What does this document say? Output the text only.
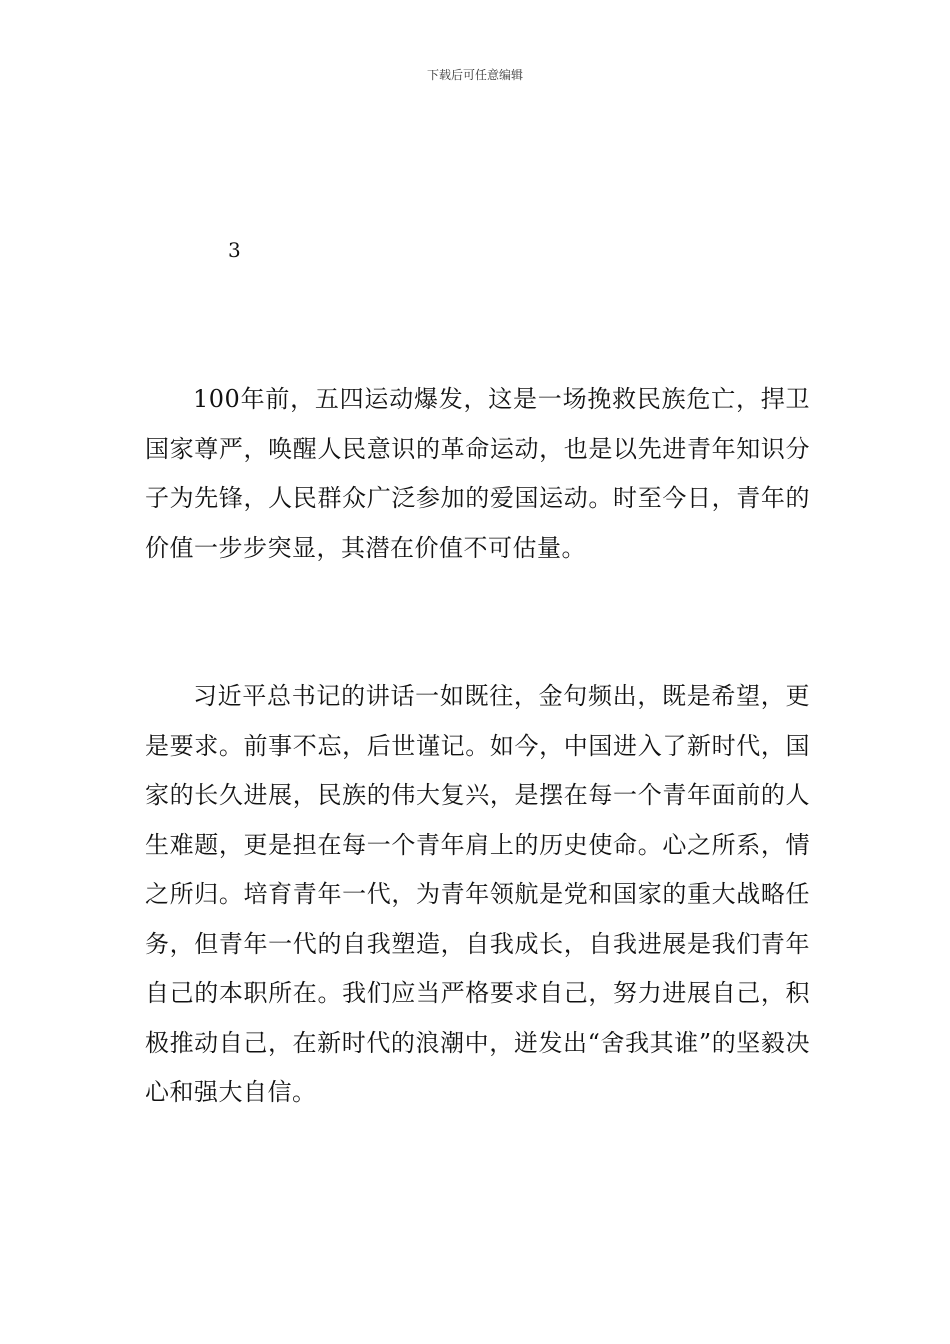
下载后可任意编辑
3

100年前，五四运动爆发，这是一场挽救民族危亡，捍卫国家尊严，唤醒人民意识的革命运动，也是以先进青年知识分子为先锋，人民群众广泛参加的爱国运动。时至今日，青年的价值一步步突显，其潜在价值不可估量。

习近平总书记的讲话一如既往，金句频出，既是希望，更是要求。前事不忘，后世谨记。如今，中国进入了新时代，国家的长久进展，民族的伟大复兴，是摆在每一个青年面前的人生难题，更是担在每一个青年肩上的历史使命。心之所系，情之所归。培育青年一代，为青年领航是党和国家的重大战略任务，但青年一代的自我塑造，自我成长，自我进展是我们青年自己的本职所在。我们应当严格要求自己，努力进展自己，积极推动自己，在新时代的浪潮中，迸发出“舍我其谁”的坚毅决心和强大自信。
